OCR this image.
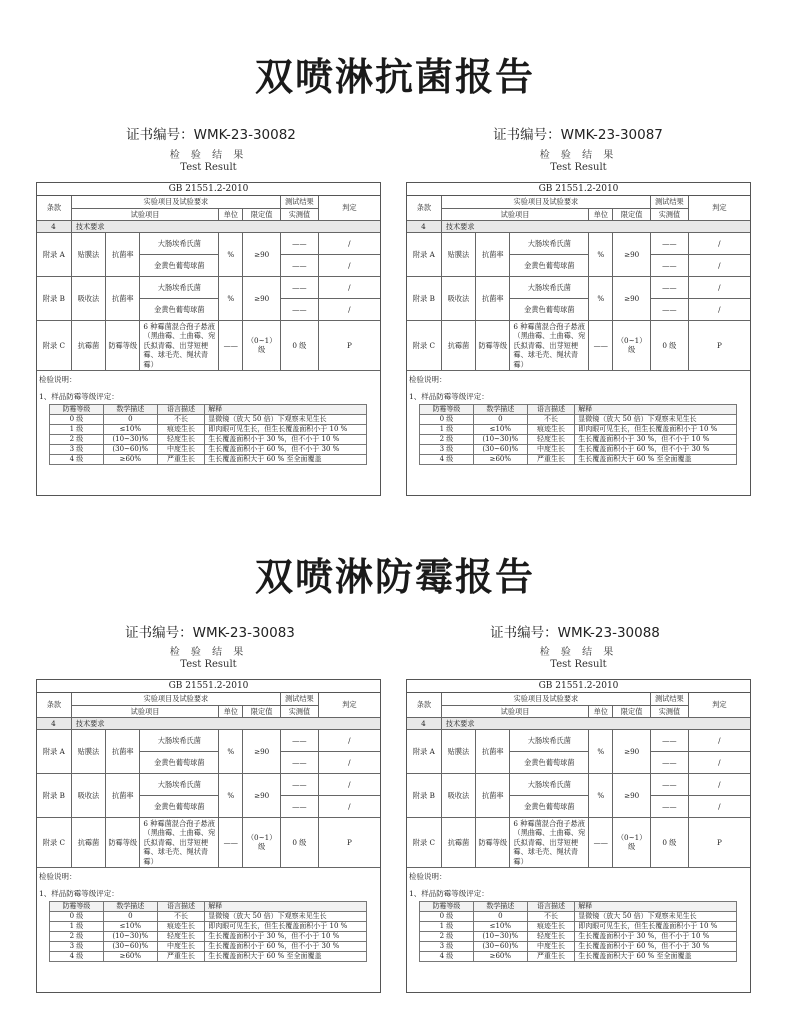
双喷淋抗菌报告
双喷淋防霉报告
证书编号：WMK-23-30082	证书编号：WMK-23-30087
证书编号：WMK-23-30083	证书编号：WMK-23-30088
检 验 结 果
Test Result
检 验 结 果
Test Result
检 验 结 果
Test Result
检 验 结 果
Test Result
GB 21551.2-2010
条款	实验项目及试验要求					测试结果	判定
	试验项目			单位	限定值	实测值	
4	技术要求						
附录 A	贴膜法	抗菌率	大肠埃希氏菌	%	≥90	——	/
			金黄色葡萄球菌			——	/
附录 B	吸收法	抗菌率	大肠埃希氏菌	%	≥90	——	/
			金黄色葡萄球菌			——	/
附录 C	抗霉菌	防霉等级	6 种霉菌混合孢子悬液（黑曲霉、土曲霉、宛氏拟青霉、出芽短梗霉、球毛壳、绳状青霉）	——	（0~1）级	0 级	P
检验说明：
1、样品防霉等级评定：
防霉等级	数学描述	语言描述	解释
0 级	0	不长	显微镜（放大 50 倍）下观察未见生长
1 级	≤10%	痕迹生长	即肉眼可见生长，但生长覆盖面积小于 10 %
2 级	(10~30)%	轻度生长	生长覆盖面积小于 30 %，但不小于 10 %
3 级	(30~60)%	中度生长	生长覆盖面积小于 60 %，但不小于 30 %
4 级	≥60%	严重生长	生长覆盖面积大于 60 % 至全面覆盖
GB 21551.2-2010
条款	实验项目及试验要求					测试结果	判定
	试验项目			单位	限定值	实测值	
4	技术要求						
附录 A	贴膜法	抗菌率	大肠埃希氏菌	%	≥90	——	/
			金黄色葡萄球菌			——	/
附录 B	吸收法	抗菌率	大肠埃希氏菌	%	≥90	——	/
			金黄色葡萄球菌			——	/
附录 C	抗霉菌	防霉等级	6 种霉菌混合孢子悬液（黑曲霉、土曲霉、宛氏拟青霉、出芽短梗霉、球毛壳、绳状青霉）	——	（0~1）级	0 级	P
检验说明：
1、样品防霉等级评定：
防霉等级	数学描述	语言描述	解释
0 级	0	不长	显微镜（放大 50 倍）下观察未见生长
1 级	≤10%	痕迹生长	即肉眼可见生长，但生长覆盖面积小于 10 %
2 级	(10~30)%	轻度生长	生长覆盖面积小于 30 %，但不小于 10 %
3 级	(30~60)%	中度生长	生长覆盖面积小于 60 %，但不小于 30 %
4 级	≥60%	严重生长	生长覆盖面积大于 60 % 至全面覆盖
GB 21551.2-2010
条款	实验项目及试验要求					测试结果	判定
	试验项目			单位	限定值	实测值	
4	技术要求						
附录 A	贴膜法	抗菌率	大肠埃希氏菌	%	≥90	——	/
			金黄色葡萄球菌			——	/
附录 B	吸收法	抗菌率	大肠埃希氏菌	%	≥90	——	/
			金黄色葡萄球菌			——	/
附录 C	抗霉菌	防霉等级	6 种霉菌混合孢子悬液（黑曲霉、土曲霉、宛氏拟青霉、出芽短梗霉、球毛壳、绳状青霉）	——	（0~1）级	0 级	P
检验说明：
1、样品防霉等级评定：
防霉等级	数学描述	语言描述	解释
0 级	0	不长	显微镜（放大 50 倍）下观察未见生长
1 级	≤10%	痕迹生长	即肉眼可见生长，但生长覆盖面积小于 10 %
2 级	(10~30)%	轻度生长	生长覆盖面积小于 30 %，但不小于 10 %
3 级	(30~60)%	中度生长	生长覆盖面积小于 60 %，但不小于 30 %
4 级	≥60%	严重生长	生长覆盖面积大于 60 % 至全面覆盖
GB 21551.2-2010
条款	实验项目及试验要求					测试结果	判定
	试验项目			单位	限定值	实测值	
4	技术要求						
附录 A	贴膜法	抗菌率	大肠埃希氏菌	%	≥90	——	/
			金黄色葡萄球菌			——	/
附录 B	吸收法	抗菌率	大肠埃希氏菌	%	≥90	——	/
			金黄色葡萄球菌			——	/
附录 C	抗霉菌	防霉等级	6 种霉菌混合孢子悬液（黑曲霉、土曲霉、宛氏拟青霉、出芽短梗霉、球毛壳、绳状青霉）	——	（0~1）级	0 级	P
检验说明：
1、样品防霉等级评定：
防霉等级	数学描述	语言描述	解释
0 级	0	不长	显微镜（放大 50 倍）下观察未见生长
1 级	≤10%	痕迹生长	即肉眼可见生长，但生长覆盖面积小于 10 %
2 级	(10~30)%	轻度生长	生长覆盖面积小于 30 %，但不小于 10 %
3 级	(30~60)%	中度生长	生长覆盖面积小于 60 %，但不小于 30 %
4 级	≥60%	严重生长	生长覆盖面积大于 60 % 至全面覆盖
